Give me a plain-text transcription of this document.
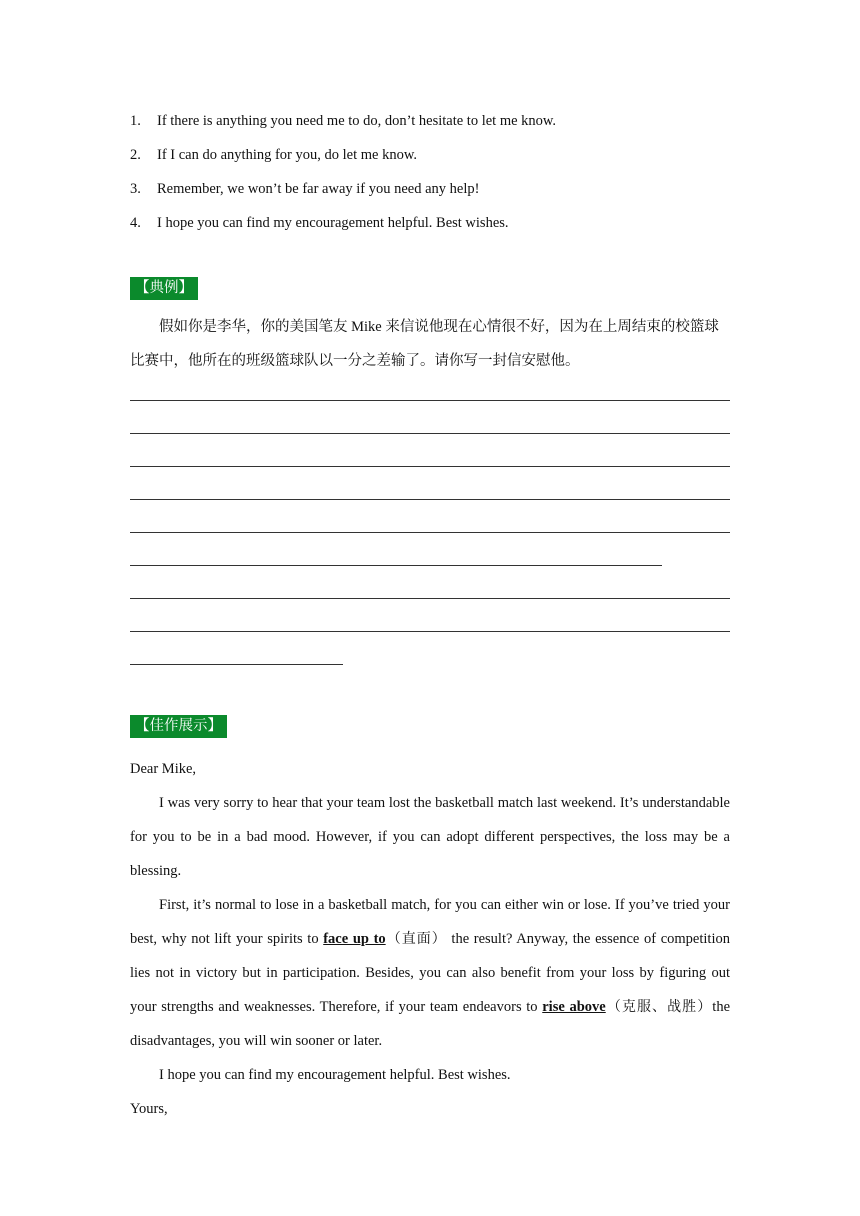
1.	If there is anything you need me to do, don’t hesitate to let me know.
2.	If I can do anything for you, do let me know.
3.	Remember, we won’t be far away if you need any help!
4.	I hope you can find my encouragement helpful. Best wishes.
【典例】
假如你是李华，你的美国笔友 Mike 来信说他现在心情很不好，因为在上周结束的校篮球比赛中，他所在的班级篮球队以一分之差输了。请你写一封信安慰他。
【佳作展示】

Dear Mike,

I was very sorry to hear that your team lost the basketball match last weekend. It’s understandable for you to be in a bad mood. However, if you can adopt different perspectives, the loss may be a blessing.

First, it’s normal to lose in a basketball match, for you can either win or lose. If you’ve tried your best, why not lift your spirits to face up to（直面） the result? Anyway, the essence of competition lies not in victory but in participation. Besides, you can also benefit from your loss by figuring out your strengths and weaknesses. Therefore, if your team endeavors to rise above（克服、战胜）the disadvantages, you will win sooner or later.

I hope you can find my encouragement helpful. Best wishes.

Yours,
